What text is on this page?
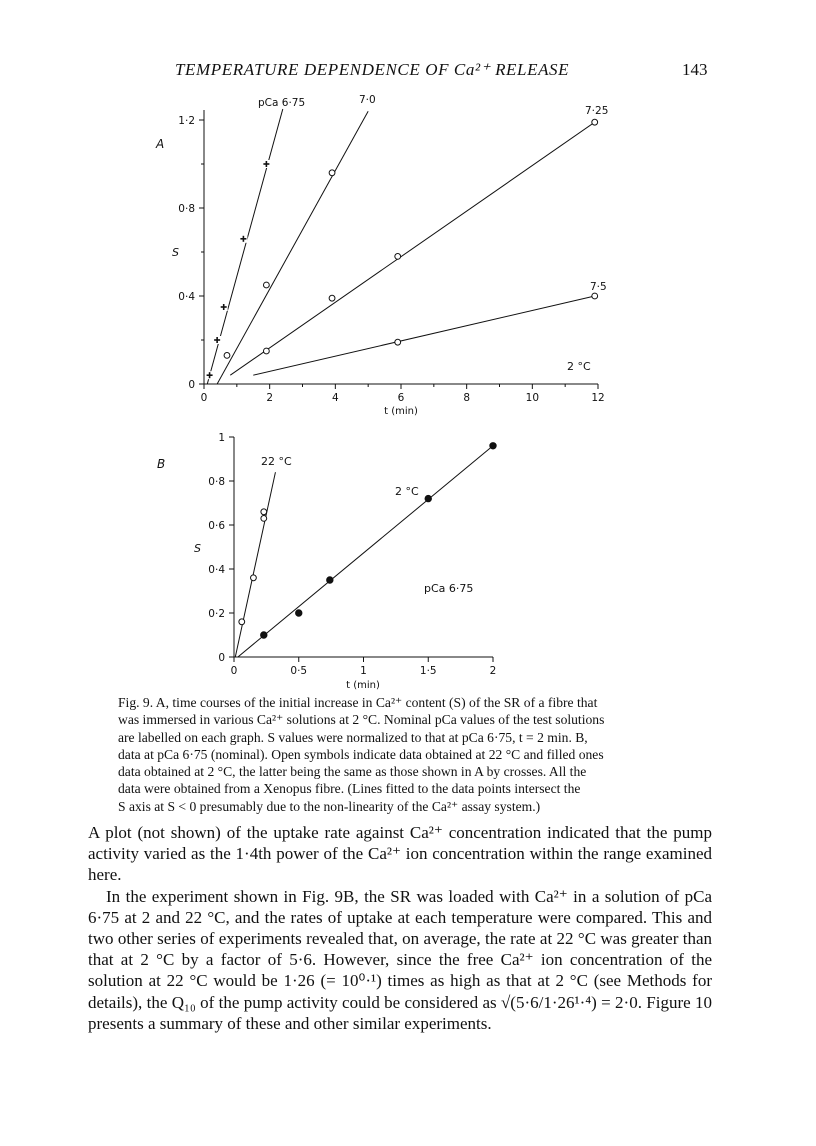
TEMPERATURE DEPENDENCE OF Ca²⁺ RELEASE	143
A
S
t (min)
2 °C
0	2	4	6	8	10	12
0
0·4
0·8
1·2
pCa 6·75	7·0
7·25
7·5
B
S
t (min)
pCa 6·75
0	0·5	1	1·5	2
0
0·2
0·4
0·6
0·8
1
22 °C
2 °C

Fig. 9. A, time courses of the initial increase in Ca²⁺ content (S) of the SR of a fibre that

was immersed in various Ca²⁺ solutions at 2 °C. Nominal pCa values of the test solutions

are labelled on each graph. S values were normalized to that at pCa 6·75, t = 2 min. B,

data at pCa 6·75 (nominal). Open symbols indicate data obtained at 22 °C and filled ones

data obtained at 2 °C, the latter being the same as those shown in A by crosses. All the

data were obtained from a Xenopus fibre. (Lines fitted to the data points intersect the

S axis at S < 0 presumably due to the non-linearity of the Ca²⁺ assay system.)

A plot (not shown) of the uptake rate against Ca²⁺ concentration indicated that the pump activity varied as the 1·4th power of the Ca²⁺ ion concentration within the range examined here.

In the experiment shown in Fig. 9B, the SR was loaded with Ca²⁺ in a solution of pCa 6·75 at 2 and 22 °C, and the rates of uptake at each temperature were compared. This and two other series of experiments revealed that, on average, the rate at 22 °C was greater than that at 2 °C by a factor of 5·6. However, since the free Ca²⁺ ion concentration of the solution at 22 °C would be 1·26 (= 10⁰·¹) times as high as that at 2 °C (see Methods for details), the Q₁₀ of the pump activity could be considered as √(5·6/1·26¹·⁴) = 2·0. Figure 10 presents a summary of these and other similar experiments.
